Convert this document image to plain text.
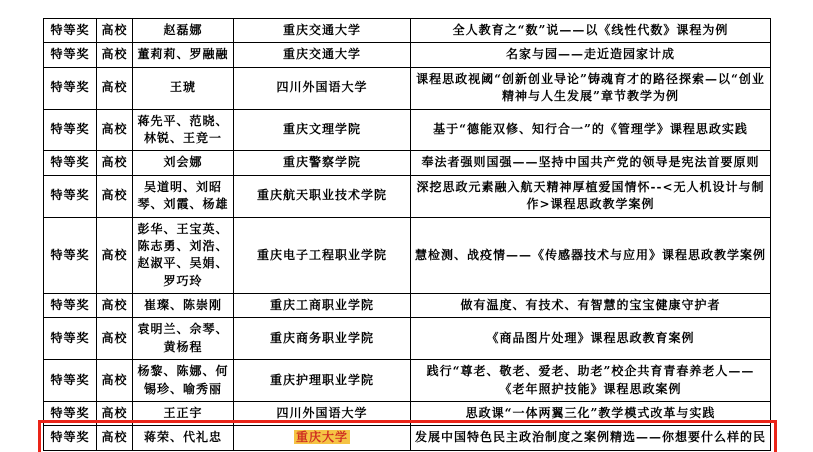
特等奖	高校	赵磊娜	重庆交通大学	全人教育之“数”说——以《线性代数》课程为例
特等奖	高校	董莉莉、罗融融	重庆交通大学	名家与园——走近造园家计成
特等奖	高校	王琥	四川外国语大学	课程思政视阈“创新创业导论”铸魂育才的路径探索—以“创业精神与人生发展”章节教学为例
特等奖	高校	蒋先平、范晓、林锐、王竞一	重庆文理学院	基于“德能双修、知行合一”的《管理学》课程思政实践
特等奖	高校	刘会娜	重庆警察学院	奉法者强则国强——坚持中国共产党的领导是宪法首要原则
特等奖	高校	吴道明、刘昭琴、刘霞、杨雄	重庆航天职业技术学院	深挖思政元素融入航天精神厚植爱国情怀--<无人机设计与制作>课程思政教学案例
特等奖	高校	彭华、王宝英、陈志勇、刘浩、赵淑平、吴娟、罗巧玲	重庆电子工程职业学院	慧检测、战疫情——《传感器技术与应用》课程思政教学案例
特等奖	高校	崔璨、陈崇刚	重庆工商职业学院	做有温度、有技术、有智慧的宝宝健康守护者
特等奖	高校	袁明兰、佘琴、黄杨程	重庆商务职业学院	《商品图片处理》课程思政教育案例
特等奖	高校	杨黎、陈娜、何锡珍、喻秀丽	重庆护理职业学院	践行“尊老、敬老、爱老、助老”校企共育青春养老人——《老年照护技能》课程思政案例
特等奖	高校	王正宇	四川外国语大学	思政课“一体两翼三化”教学模式改革与实践
特等奖	高校	蒋荣、代礼忠	重庆大学	发展中国特色民主政治制度之案例精选——你想要什么样的民
